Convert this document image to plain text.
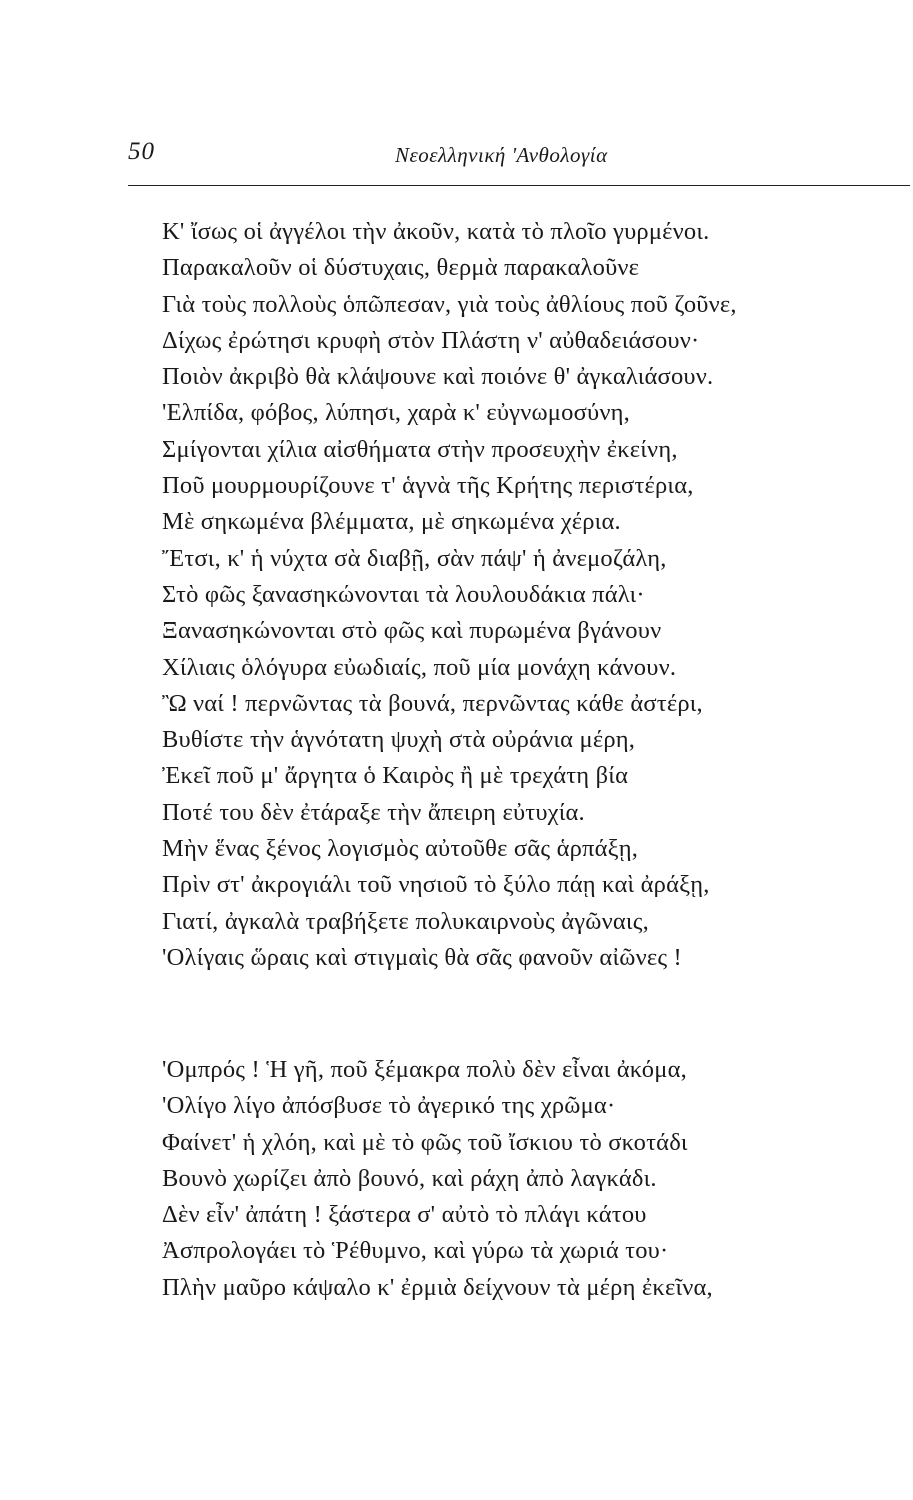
50	Νεοελληνική 'Ανθολογία
Κ' ἴσως οἱ ἀγγέλοι τὴν ἀκοῦν, κατὰ τὸ πλοῖο γυρμένοι.
Παρακαλοῦν οἱ δύστυχαις, θερμὰ παρακαλοῦνε
Γιὰ τοὺς πολλοὺς ὁπῶπεσαν, γιὰ τοὺς ἀθλίους ποῦ ζοῦνε,
Δίχως ἐρώτησι κρυφὴ στὸν Πλάστη ν' αὐθαδειάσουν·
Ποιὸν ἀκριβὸ θὰ κλάψουνε καὶ ποιόνε θ' ἀγκαλιάσουν.
'Ελπίδα, φόβος, λύπησι, χαρὰ κ' εὐγνωμοσύνη,
Σμίγονται χίλια αἰσθήματα στὴν προσευχὴν ἐκείνη,
Ποῦ μουρμουρίζουνε τ' ἁγνὰ τῆς Κρήτης περιστέρια,
Μὲ σηκωμένα βλέμματα, μὲ σηκωμένα χέρια.
Ἔτσι, κ' ἡ νύχτα σὰ διαβῇ, σὰν πάψ' ἡ ἀνεμοζάλη,
Στὸ φῶς ξανασηκώνονται τὰ λουλουδάκια πάλι·
Ξανασηκώνονται στὸ φῶς καὶ πυρωμένα βγάνουν
Χίλιαις ὁλόγυρα εὐωδιαίς, ποῦ μία μονάχη κάνουν.
Ὢ ναί ! περνῶντας τὰ βουνά, περνῶντας κάθε ἀστέρι,
Βυθίστε τὴν ἁγνότατη ψυχὴ στὰ οὐράνια μέρη,
Ἐκεῖ ποῦ μ' ἄργητα ὁ Καιρὸς ἢ μὲ τρεχάτη βία
Ποτέ του δὲν ἐτάραξε τὴν ἄπειρη εὐτυχία.
Μὴν ἕνας ξένος λογισμὸς αὐτοῦθε σᾶς ἁρπάξῃ,
Πρὶν στ' ἀκρογιάλι τοῦ νησιοῦ τὸ ξύλο πάῃ καὶ ἀράξῃ,
Γιατί, ἀγκαλὰ τραβήξετε πολυκαιρνοὺς ἀγῶναις,
'Ολίγαις ὥραις καὶ στιγμαὶς θὰ σᾶς φανοῦν αἰῶνες !
'Ομπρός ! Ἡ γῆ, ποῦ ξέμακρα πολὺ δὲν εἶναι ἀκόμα,
'Ολίγο λίγο ἀπόσβυσε τὸ ἀγερικό της χρῶμα·
Φαίνετ' ἡ χλόη, καὶ μὲ τὸ φῶς τοῦ ἴσκιου τὸ σκοτάδι
Βουνὸ χωρίζει ἀπὸ βουνό, καὶ ράχη ἀπὸ λαγκάδι.
Δὲν εἶν' ἀπάτη ! ξάστερα σ' αὐτὸ τὸ πλάγι κάτου
Ἀσπρολογάει τὸ Ῥέθυμνο, καὶ γύρω τὰ χωριά του·
Πλὴν μαῦρο κάψαλο κ' ἐρμιὰ δείχνουν τὰ μέρη ἐκεῖνα,
